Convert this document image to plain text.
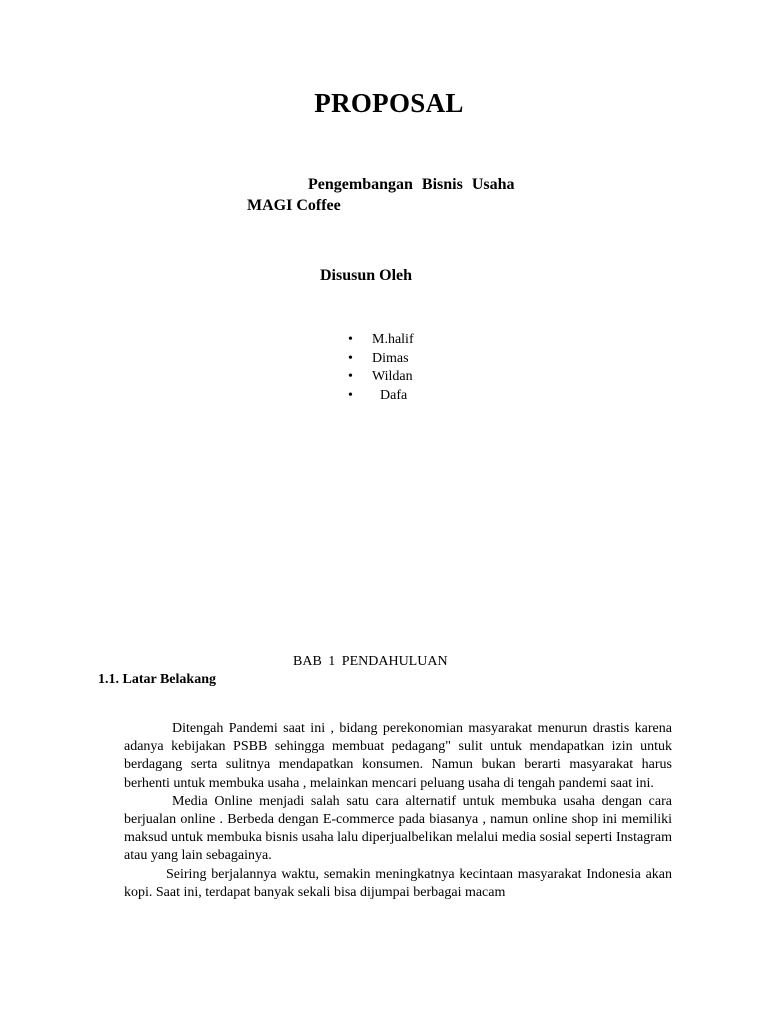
PROPOSAL
Pengembangan Bisnis Usaha
MAGI Coffee
Disusun Oleh
• M.halif
• Dimas
• Wildan
• Dafa
BAB 1 PENDAHULUAN
1.1. Latar Belakang

Ditengah Pandemi saat ini , bidang perekonomian masyarakat menurun drastis karena adanya kebijakan PSBB sehingga membuat pedagang" sulit untuk mendapatkan izin untuk berdagang serta sulitnya mendapatkan konsumen. Namun bukan berarti masyarakat harus berhenti untuk membuka usaha , melainkan mencari peluang usaha di tengah pandemi saat ini.

Media Online menjadi salah satu cara alternatif untuk membuka usaha dengan cara berjualan online . Berbeda dengan E-commerce pada biasanya , namun online shop ini memiliki maksud untuk membuka bisnis usaha lalu diperjualbelikan melalui media sosial seperti Instagram atau yang lain sebagainya.

Seiring berjalannya waktu, semakin meningkatnya kecintaan masyarakat Indonesia akan kopi. Saat ini, terdapat banyak sekali bisa dijumpai berbagai macam
